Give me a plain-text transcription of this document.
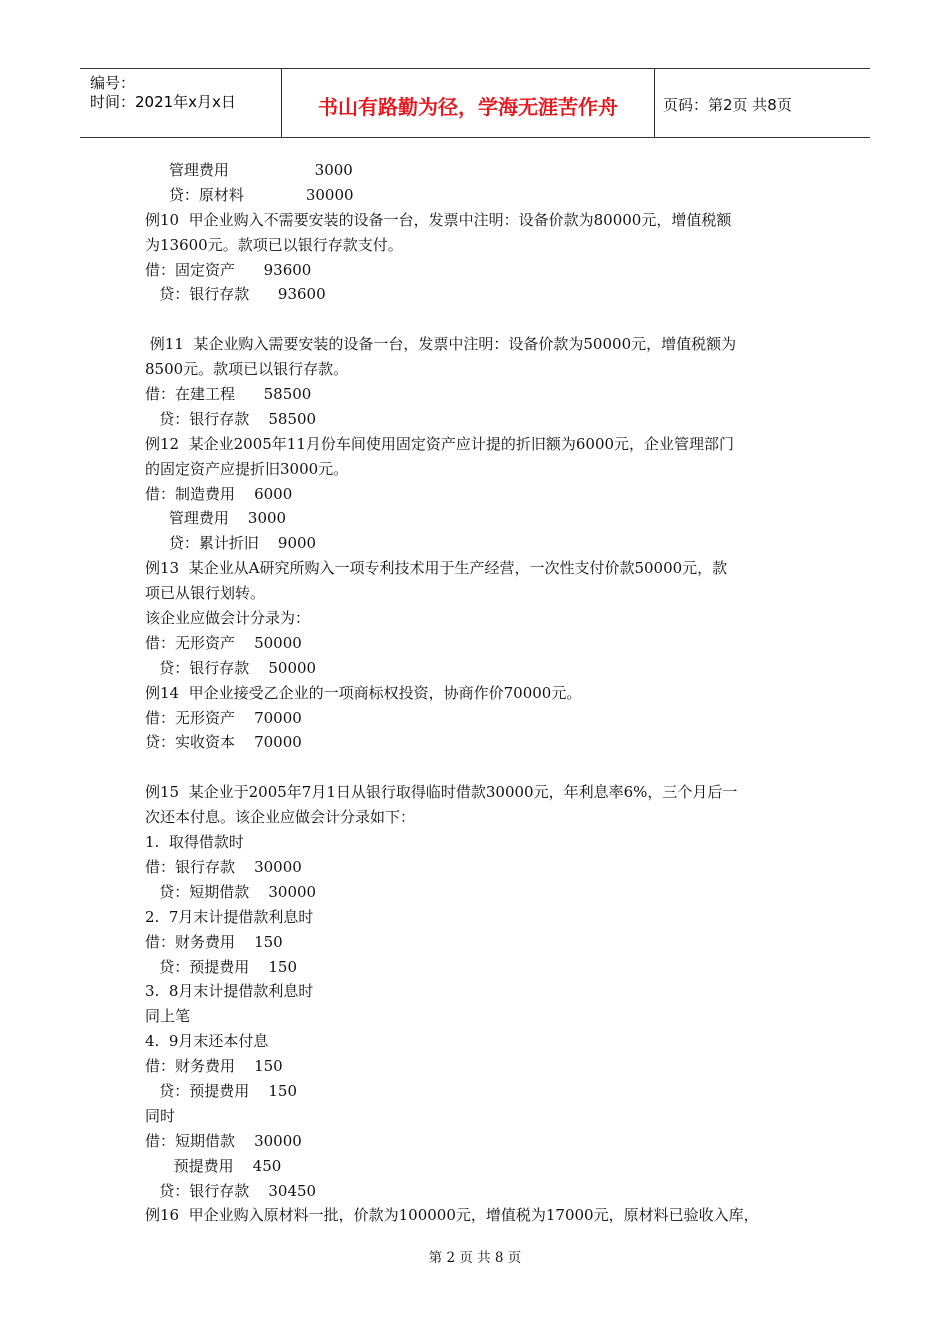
编号：
时间：2021年x月x日	书山有路勤为径，学海无涯苦作舟	页码：第2页 共8页
管理费用                  3000
贷：原材料             30000
例10  甲企业购入不需要安装的设备一台，发票中注明：设备价款为80000元，增值税额
为13600元。款项已以银行存款支付。
借：固定资产      93600
贷：银行存款      93600
例11  某企业购入需要安装的设备一台，发票中注明：设备价款为50000元，增值税额为
8500元。款项已以银行存款。
借：在建工程      58500
贷：银行存款    58500
例12  某企业2005年11月份车间使用固定资产应计提的折旧额为6000元，企业管理部门
的固定资产应提折旧3000元。
借：制造费用    6000
管理费用    3000
贷：累计折旧    9000
例13  某企业从A研究所购入一项专利技术用于生产经营，一次性支付价款50000元，款
项已从银行划转。
该企业应做会计分录为：
借：无形资产    50000
贷：银行存款    50000
例14  甲企业接受乙企业的一项商标权投资，协商作价70000元。
借：无形资产    70000
贷：实收资本    70000
例15  某企业于2005年7月1日从银行取得临时借款30000元，年利息率6%，三个月后一
次还本付息。该企业应做会计分录如下：
1.  取得借款时
借：银行存款    30000
贷：短期借款    30000
2.  7月末计提借款利息时
借：财务费用    150
贷：预提费用    150
3.  8月末计提借款利息时
同上笔
4.  9月末还本付息
借：财务费用    150
贷：预提费用    150
同时
借：短期借款    30000
预提费用    450
贷：银行存款    30450
例16  甲企业购入原材料一批，价款为100000元，增值税为17000元，原材料已验收入库，
第 2 页 共 8 页
